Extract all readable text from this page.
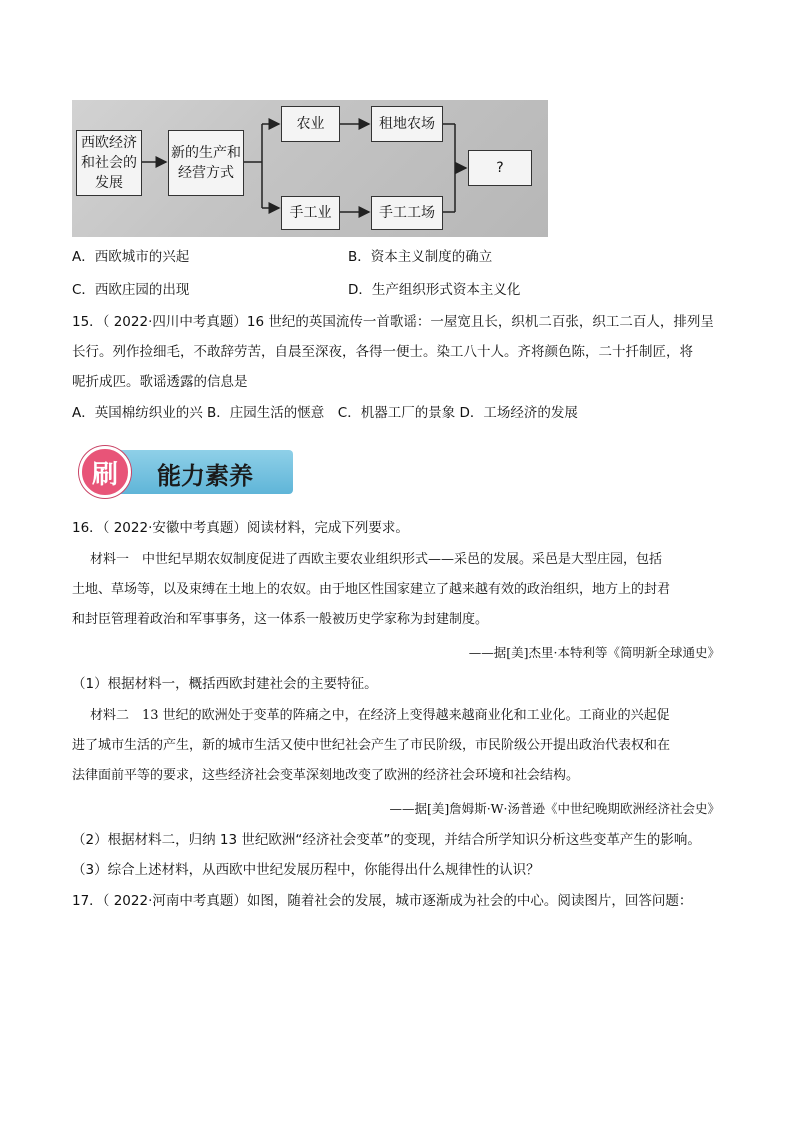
西欧经济和社会的发展
新的生产和经营方式
农业	租地农场
手工业	手工工场
?
A．西欧城市的兴起	B．资本主义制度的确立
C．西欧庄园的出现	D．生产组织形式资本主义化
15．（ 2022·四川中考真题）16 世纪的英国流传一首歌谣：一屋宽且长，织机二百张，织工二百人，排列呈
长行。列作捡细毛，不敢辞劳苦，自晨至深夜，各得一便士。染工八十人。齐将颜色陈，二十扦制匠，将
呢折成匹。歌谣透露的信息是
A．英国棉纺织业的兴 B．庄园生活的惬意　C．机器工厂的景象 D．工场经济的发展
刷	能力素养
16．（ 2022·安徽中考真题）阅读材料，完成下列要求。
材料一　中世纪早期农奴制度促进了西欧主要农业组织形式——采邑的发展。采邑是大型庄园，包括
土地、草场等，以及束缚在土地上的农奴。由于地区性国家建立了越来越有效的政治组织，地方上的封君
和封臣管理着政治和军事事务，这一体系一般被历史学家称为封建制度。
——据[美]杰里·本特利等《简明新全球通史》
（1）根据材料一，概括西欧封建社会的主要特征。
材料二　13 世纪的欧洲处于变革的阵痛之中，在经济上变得越来越商业化和工业化。工商业的兴起促
进了城市生活的产生，新的城市生活又使中世纪社会产生了市民阶级，市民阶级公开提出政治代表权和在
法律面前平等的要求，这些经济社会变革深刻地改变了欧洲的经济社会环境和社会结构。
——据[美]詹姆斯·W·汤普逊《中世纪晚期欧洲经济社会史》
（2）根据材料二，归纳 13 世纪欧洲“经济社会变革”的变现，并结合所学知识分析这些变革产生的影响。
（3）综合上述材料，从西欧中世纪发展历程中，你能得出什么规律性的认识？
17．（ 2022·河南中考真题）如图，随着社会的发展，城市逐渐成为社会的中心。阅读图片，回答问题：
